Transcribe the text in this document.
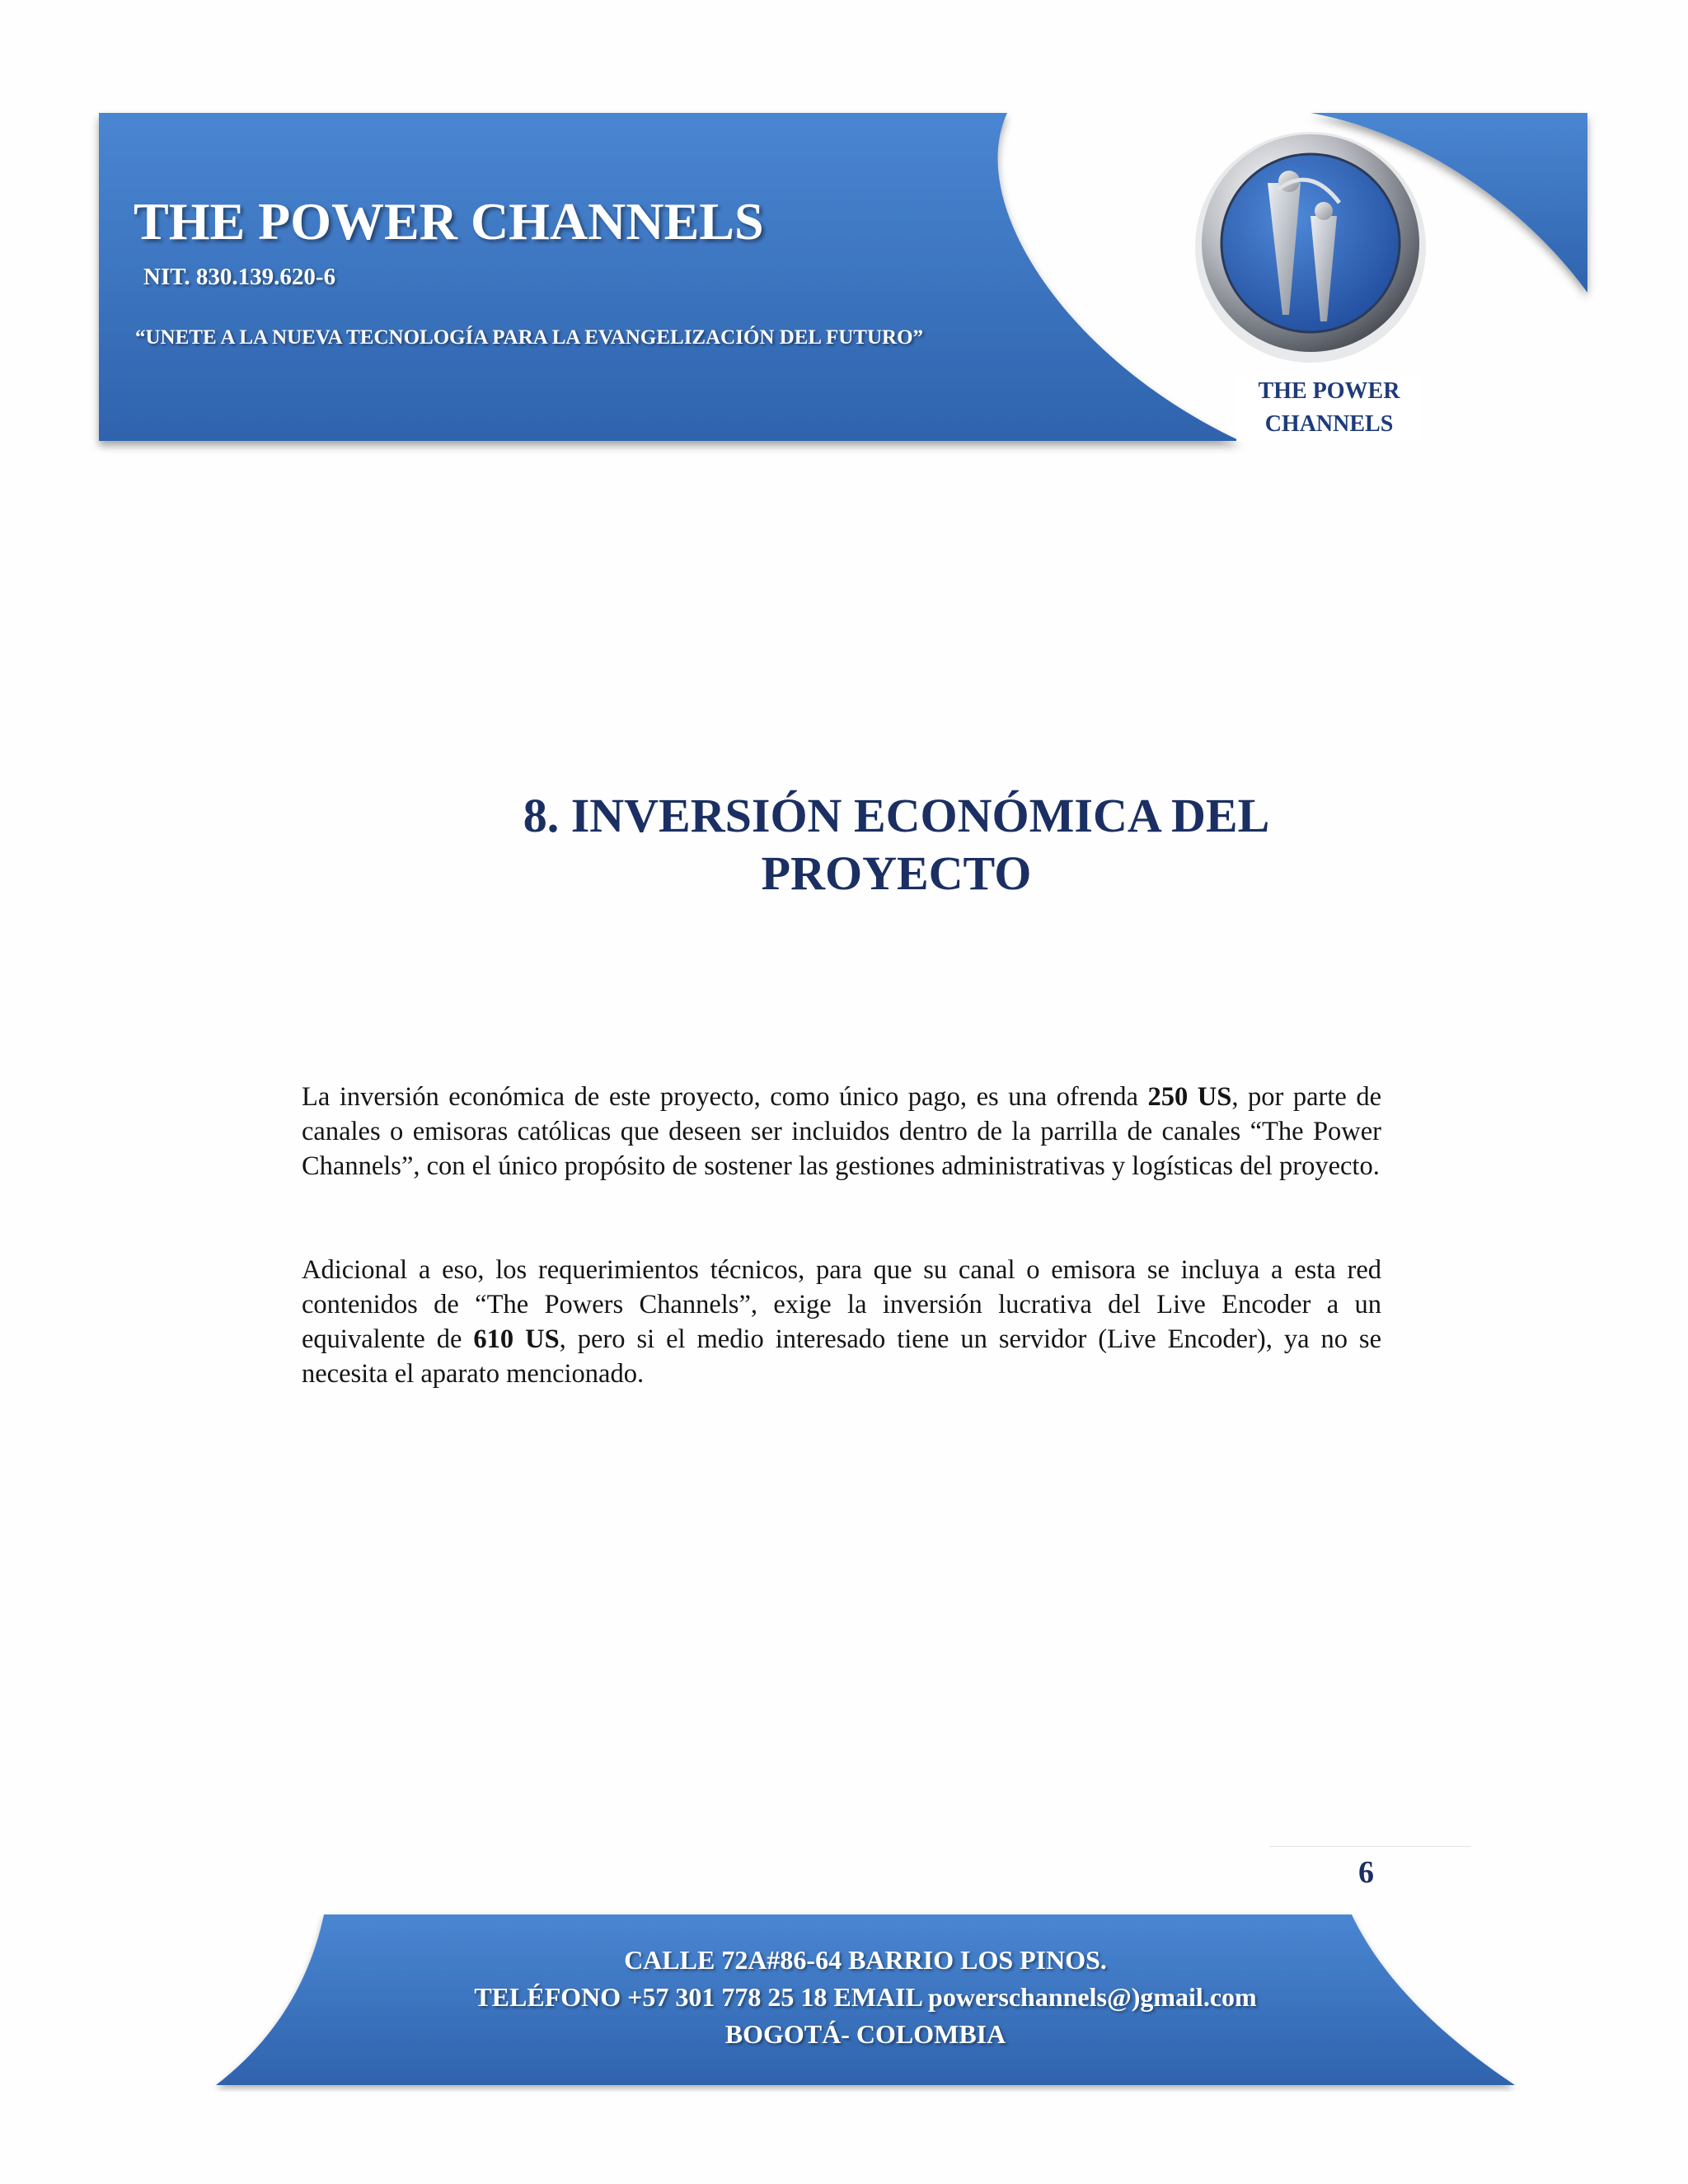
THE POWER CHANNELS
NIT. 830.139.620-6
“UNETE A LA NUEVA TECNOLOGÍA PARA LA EVANGELIZACIÓN DEL FUTURO”
THE POWER
CHANNELS
8. INVERSIÓN ECONÓMICA DEL
PROYECTO

La inversión económica de este proyecto, como único pago, es una ofrenda 250 US, por parte de canales o emisoras católicas que deseen ser incluidos dentro de la parrilla de canales “The Power Channels”, con el único propósito de sostener las gestiones administrativas y logísticas del proyecto.

Adicional a eso, los requerimientos técnicos, para que su canal o emisora se incluya a esta red contenidos de “The Powers Channels”, exige la inversión lucrativa del Live Encoder a un equivalente de 610 US, pero si el medio interesado tiene un servidor (Live Encoder), ya no se necesita el aparato mencionado.

6
CALLE 72A#86-64 BARRIO LOS PINOS.
TELÉFONO +57 301 778 25 18 EMAIL powerschannels@)gmail.com
BOGOTÁ- COLOMBIA
